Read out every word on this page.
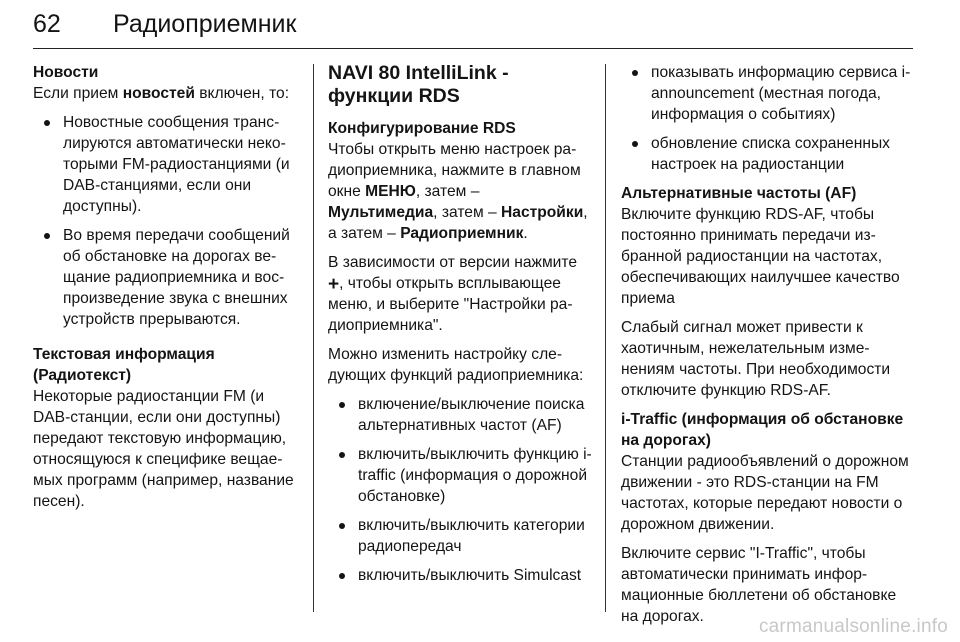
62 Радиоприемник

Новости

Если прием новостей включен, то:

Новостные сообщения транслируются автоматически некоторыми FM-радиостанциями (и DAB-станциями, если они доступны).
Во время передачи сообщений об обстановке на дорогах вещание радиоприемника и воспроизведение звука с внешних устройств прерываются.

Текстовая информация
(Радиотекст)

Некоторые радиостанции FM (и DAB-станции, если они доступны) передают текстовую информацию, относящуюся к специфике вещаемых программ (например, название песен).

NAVI 80 IntelliLink - функции RDS

Конфигурирование RDS

Чтобы открыть меню настроек радиоприемника, нажмите в главном окне МЕНЮ, затем – Мультимедиа, затем – Настройки, а затем – Радиоприемник.

В зависимости от версии нажмите +, чтобы открыть всплывающее меню, и выберите "Настройки радиоприемника".

Можно изменить настройку следующих функций радиоприемника:

включение/выключение поиска альтернативных частот (AF)
включить/выключить функцию i-traffic (информация о дорожной обстановке)
включить/выключить категории радиопередач
включить/выключить Simulcast
показывать информацию сервиса i-announcement (местная погода, информация о событиях)
обновление списка сохраненных настроек на радиостанции

Альтернативные частоты (AF)

Включите функцию RDS-AF, чтобы постоянно принимать передачи избранной радиостанции на частотах, обеспечивающих наилучшее качество приема

Слабый сигнал может привести к хаотичным, нежелательным изменениям частоты. При необходимости отключите функцию RDS-AF.

i-Traffic (информация об обстановке на дорогах)

Станции радиообъявлений о дорожном движении - это RDS-станции на FM частотах, которые передают новости о дорожном движении.

Включите сервис "I-Traffic", чтобы автоматически принимать информационные бюллетени об обстановке на дорогах.	carmanualsonline.info
